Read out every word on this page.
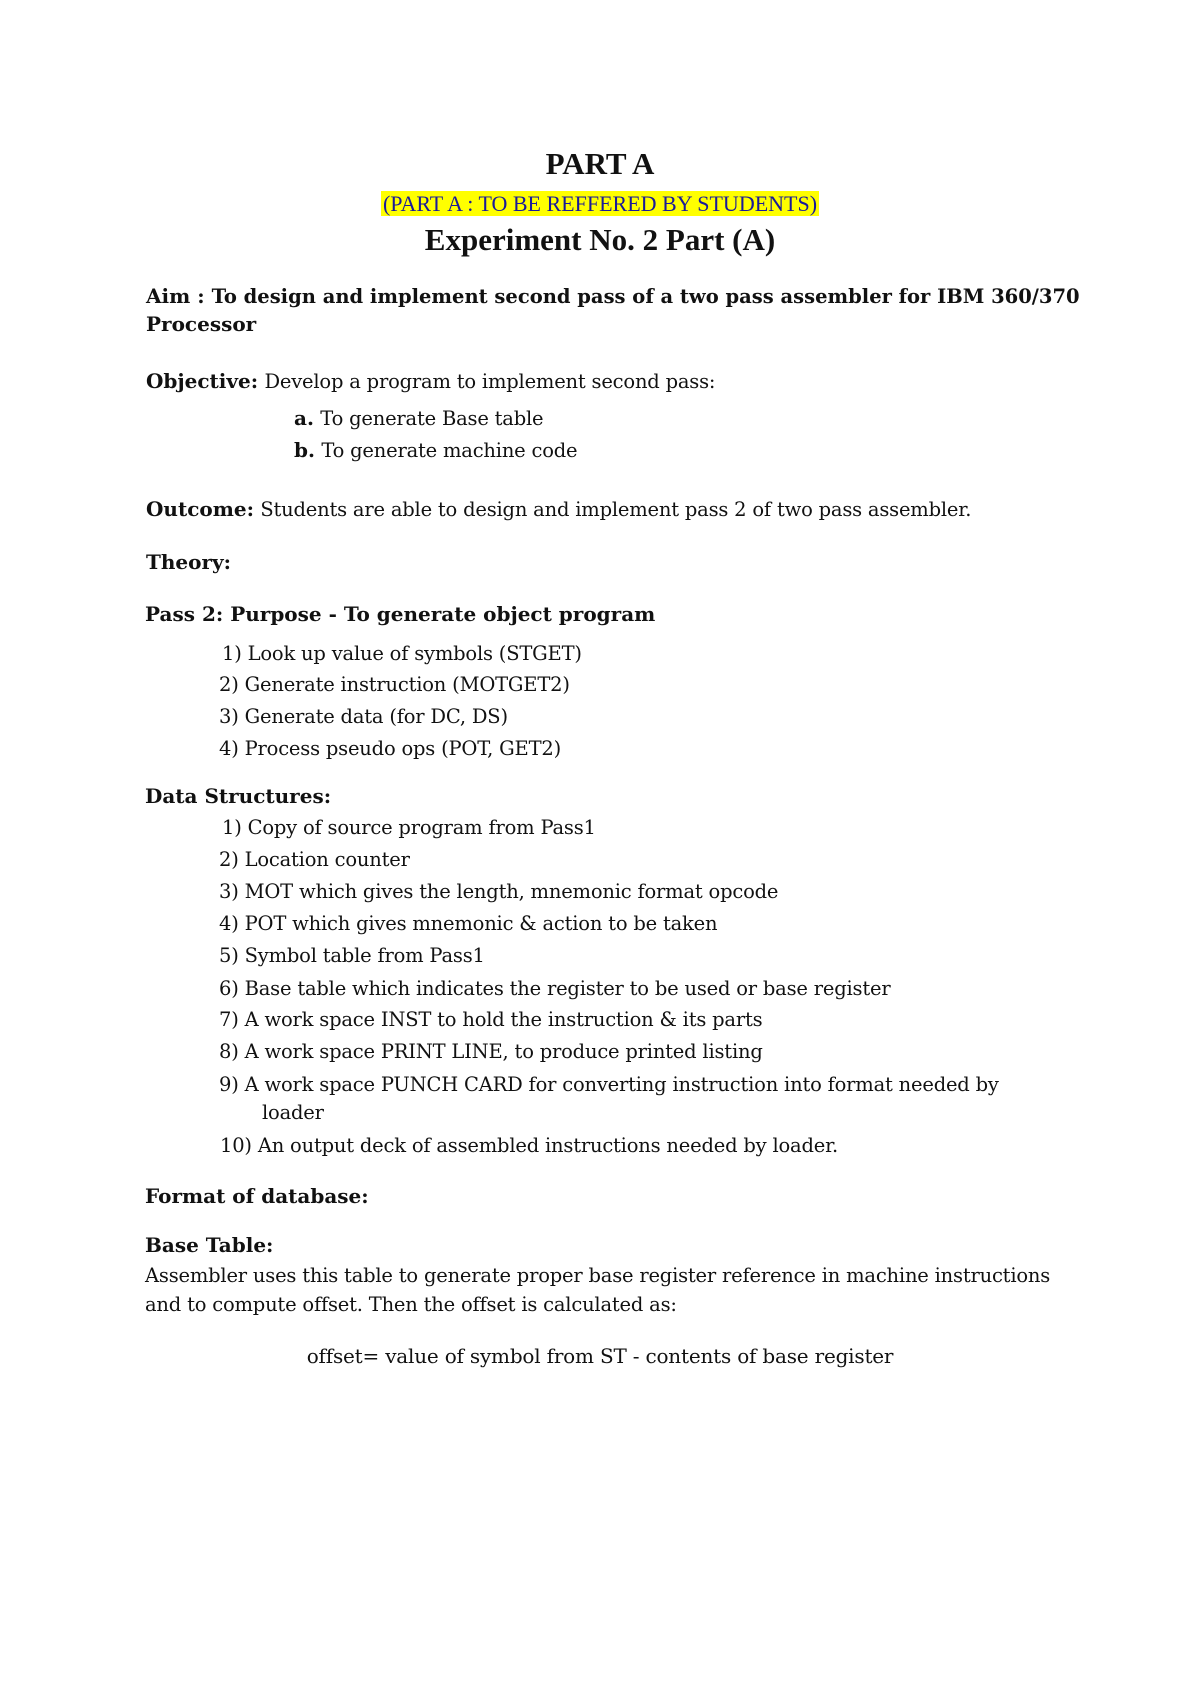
PART A
(PART A : TO BE REFFERED BY STUDENTS)
Experiment No. 2 Part (A)
Aim : To design and implement second pass of a two pass assembler for IBM 360/370
Processor
Objective: Develop a program to implement second pass:
a. To generate Base table
b. To generate machine code
Outcome: Students are able to design and implement pass 2 of two pass assembler.
Theory:
Pass 2: Purpose - To generate object program
1) Look up value of symbols (STGET)
2) Generate instruction (MOTGET2)
3) Generate data (for DC, DS)
4) Process pseudo ops (POT, GET2)
Data Structures:
1) Copy of source program from Pass1
2) Location counter
3) MOT which gives the length, mnemonic format opcode
4) POT which gives mnemonic & action to be taken
5) Symbol table from Pass1
6) Base table which indicates the register to be used or base register
7) A work space INST to hold the instruction & its parts
8) A work space PRINT LINE, to produce printed listing
9) A work space PUNCH CARD for converting instruction into format needed by
loader
10) An output deck of assembled instructions needed by loader.
Format of database:
Base Table:
Assembler uses this table to generate proper base register reference in machine instructions
and to compute offset. Then the offset is calculated as:
offset= value of symbol from ST - contents of base register
